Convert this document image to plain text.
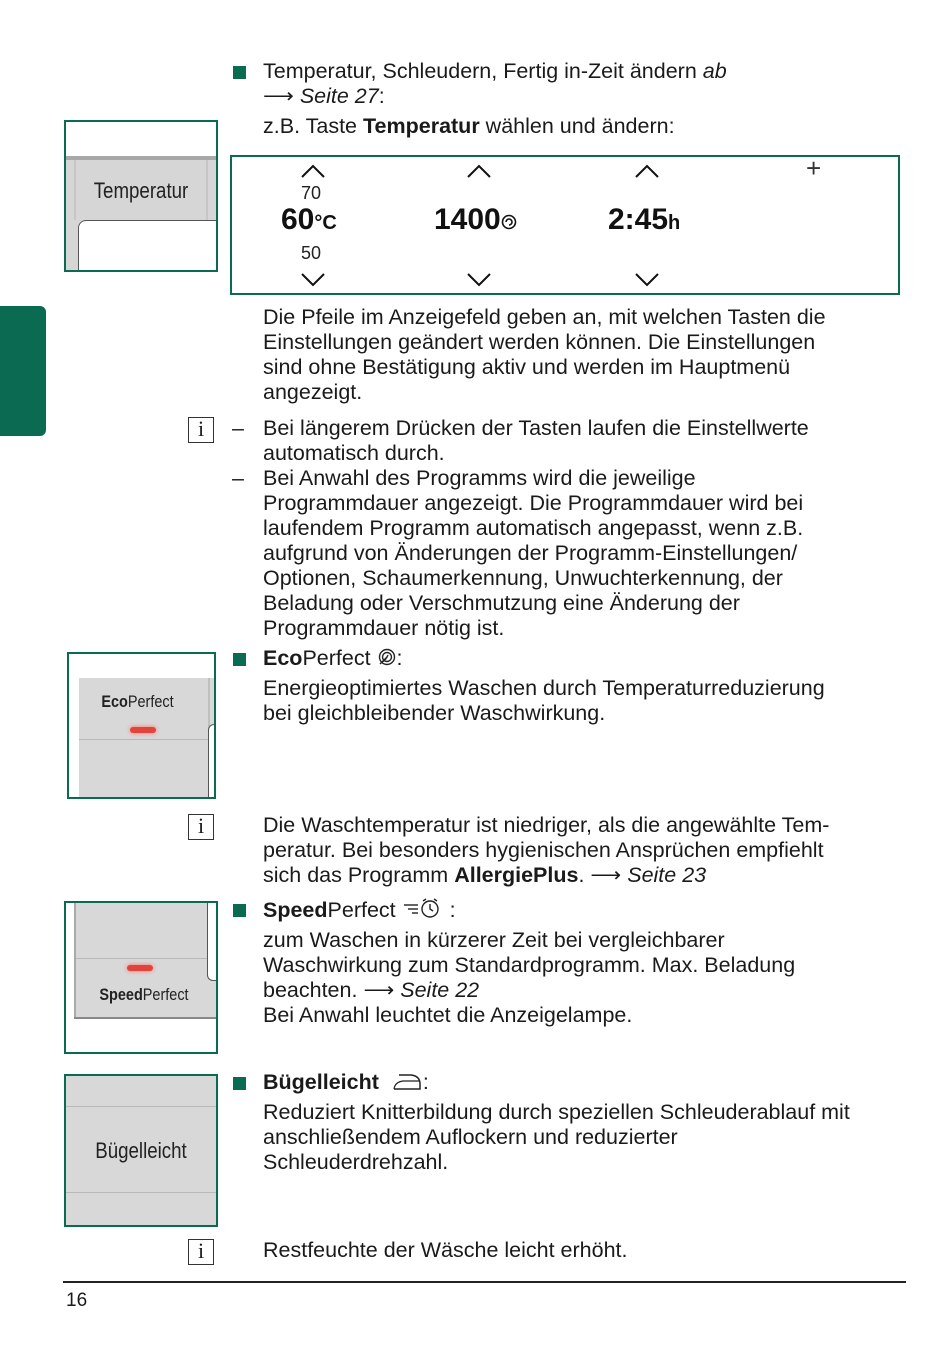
Temperatur, Schleudern, Fertig in-Zeit ändern ab
⟶ Seite 27:
z.B. Taste Temperatur wählen und ändern:
Temperatur
+
70
60°C
50
1400	2:45h
Die Pfeile im Anzeigefeld geben an, mit welchen Tasten die
Einstellungen geändert werden können. Die Einstellungen
sind ohne Bestätigung aktiv und werden im Hauptmenü
angezeigt.
i	– Bei längerem Drücken der Tasten laufen die Einstellwerte
automatisch durch.
– Bei Anwahl des Programms wird die jeweilige
Programmdauer angezeigt. Die Programmdauer wird bei
laufendem Programm automatisch angepasst, wenn z.B.
aufgrund von Änderungen der Programm-Einstellungen/
Optionen, Schaumerkennung, Unwuchterkennung, der
Beladung oder Verschmutzung eine Änderung der
Programmdauer nötig ist.
EcoPerfect
EcoPerfect :
Energieoptimiertes Waschen durch Temperaturreduzierung
bei gleichbleibender Waschwirkung.
i	Die Waschtemperatur ist niedriger, als die angewählte Tem-
peratur. Bei besonders hygienischen Ansprüchen empfiehlt
sich das Programm AllergiePlus. ⟶ Seite 23
SpeedPerfect
SpeedPerfect	:
zum Waschen in kürzerer Zeit bei vergleichbarer
Waschwirkung zum Standardprogramm. Max. Beladung
beachten. ⟶ Seite 22
Bei Anwahl leuchtet die Anzeigelampe.
Bügelleicht
Bügelleicht :
Reduziert Knitterbildung durch speziellen Schleuderablauf mit
anschließendem Auflockern und reduzierter
Schleuderdrehzahl.
i	Restfeuchte der Wäsche leicht erhöht.
16
